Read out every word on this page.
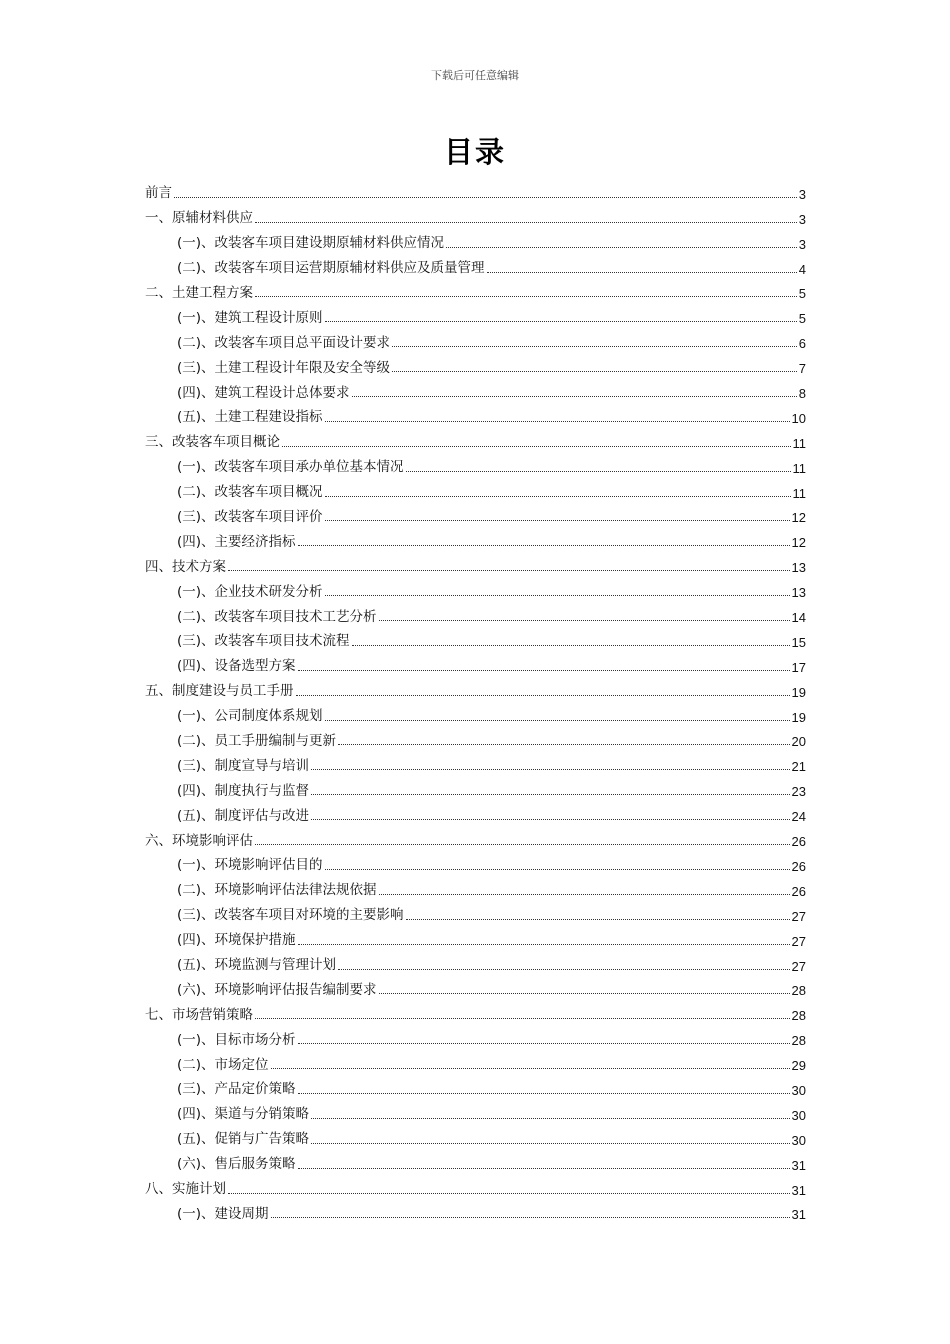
下载后可任意编辑
目录
前言	3
一、原辅材料供应	3
(一)、改装客车项目建设期原辅材料供应情况	3
(二)、改装客车项目运营期原辅材料供应及质量管理	4
二、土建工程方案	5
(一)、建筑工程设计原则	5
(二)、改装客车项目总平面设计要求	6
(三)、土建工程设计年限及安全等级	7
(四)、建筑工程设计总体要求	8
(五)、土建工程建设指标	10
三、改装客车项目概论	11
(一)、改装客车项目承办单位基本情况	11
(二)、改装客车项目概况	11
(三)、改装客车项目评价	12
(四)、主要经济指标	12
四、技术方案	13
(一)、企业技术研发分析	13
(二)、改装客车项目技术工艺分析	14
(三)、改装客车项目技术流程	15
(四)、设备选型方案	17
五、制度建设与员工手册	19
(一)、公司制度体系规划	19
(二)、员工手册编制与更新	20
(三)、制度宣导与培训	21
(四)、制度执行与监督	23
(五)、制度评估与改进	24
六、环境影响评估	26
(一)、环境影响评估目的	26
(二)、环境影响评估法律法规依据	26
(三)、改装客车项目对环境的主要影响	27
(四)、环境保护措施	27
(五)、环境监测与管理计划	27
(六)、环境影响评估报告编制要求	28
七、市场营销策略	28
(一)、目标市场分析	28
(二)、市场定位	29
(三)、产品定价策略	30
(四)、渠道与分销策略	30
(五)、促销与广告策略	30
(六)、售后服务策略	31
八、实施计划	31
(一)、建设周期	31
